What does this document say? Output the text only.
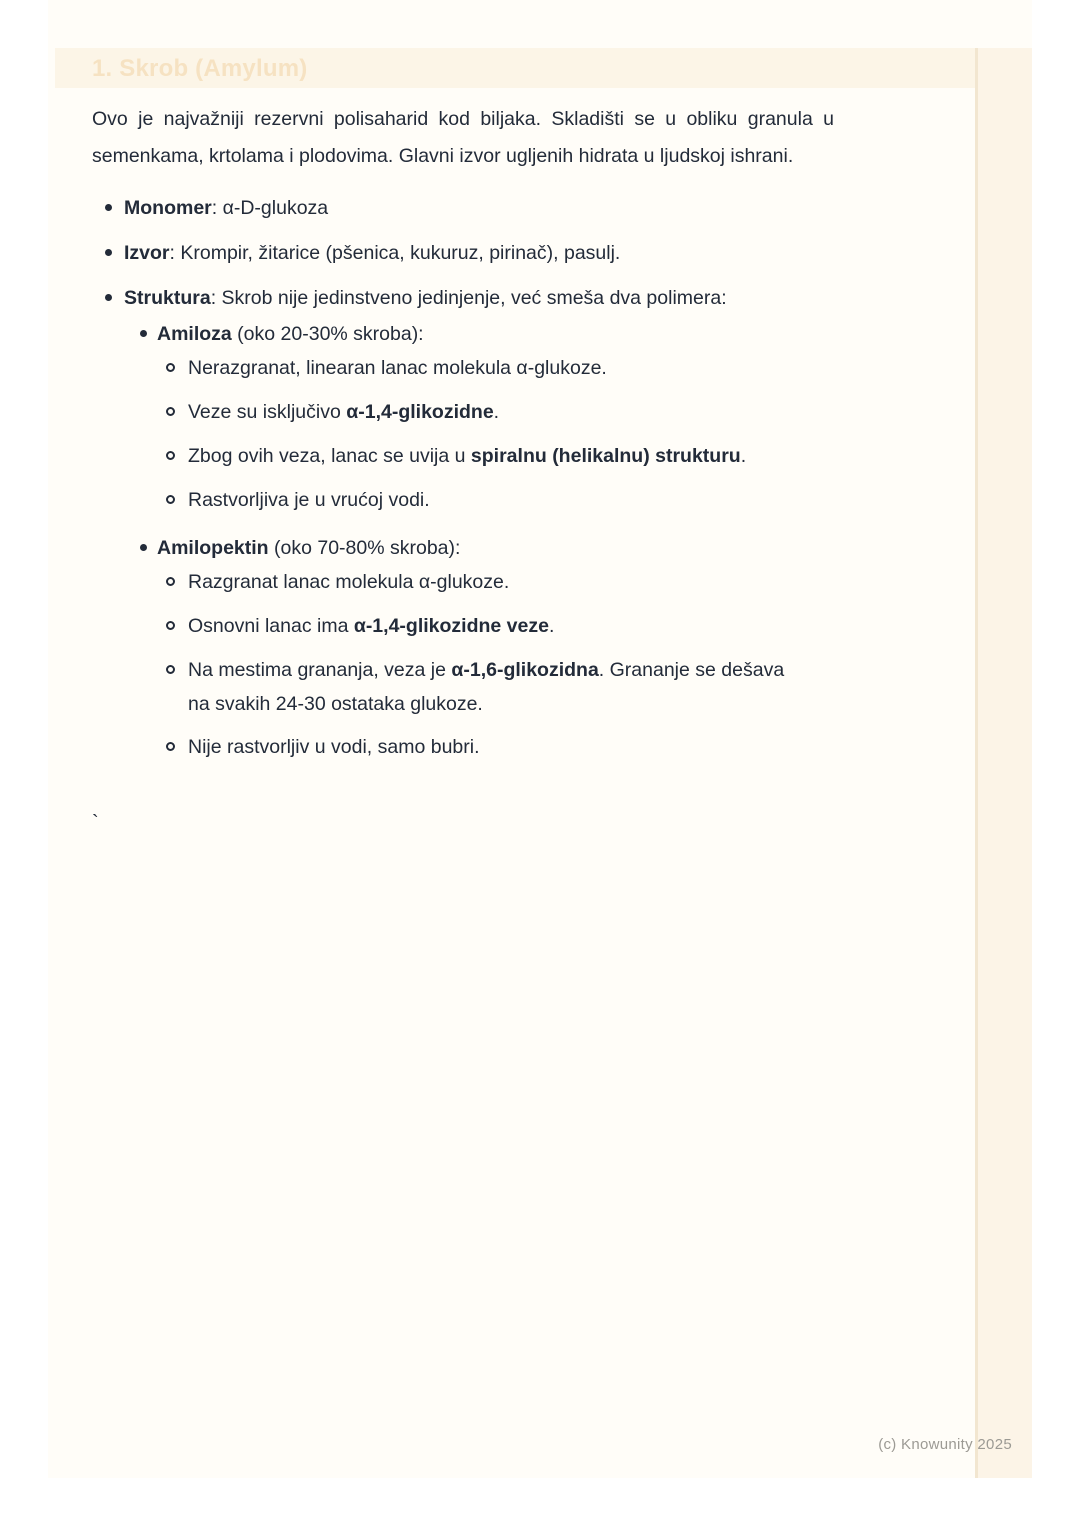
1. Skrob (Amylum)

Ovo je najvažniji rezervni polisaharid kod biljaka. Skladišti se u obliku granula u semenkama, krtolama i plodovima. Glavni izvor ugljenih hidrata u ljudskoj ishrani.

Monomer: α-D-glukoza
Izvor: Krompir, žitarice (pšenica, kukuruz, pirinač), pasulj.
Struktura: Skrob nije jedinstveno jedinjenje, već smeša dva polimera:
Amiloza (oko 20-30% skroba):
Nerazgranat, linearan lanac molekula α-glukoze.
Veze su isključivo α-1,4-glikozidne.
Zbog ovih veza, lanac se uvija u spiralnu (helikalnu) strukturu.
Rastvorljiva je u vrućoj vodi.
Amilopektin (oko 70-80% skroba):
Razgranat lanac molekula α-glukoze.
Osnovni lanac ima α-1,4-glikozidne veze.
Na mestima grananja, veza je α-1,6-glikozidna. Grananje se dešava
na svakih 24-30 ostataka glukoze.
Nije rastvorljiv u vodi, samo bubri.
`
(c) Knowunity 2025
